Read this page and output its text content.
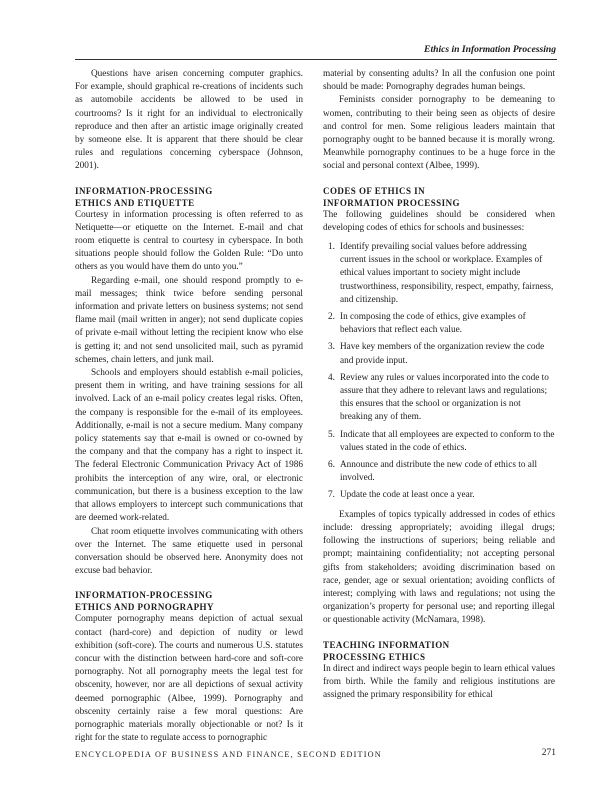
Ethics in Information Processing

Questions have arisen concerning computer graphics. For example, should graphical re-creations of incidents such as automobile accidents be allowed to be used in courtrooms? Is it right for an individual to electronically reproduce and then after an artistic image originally created by someone else. It is apparent that there should be clear rules and regulations concerning cyberspace (Johnson, 2001).

INFORMATION-PROCESSING
ETHICS AND ETIQUETTE

Courtesy in information processing is often referred to as Netiquette—or etiquette on the Internet. E-mail and chat room etiquette is central to courtesy in cyberspace. In both situations people should follow the Golden Rule: “Do unto others as you would have them do unto you.”

Regarding e-mail, one should respond promptly to e-mail messages; think twice before sending personal information and private letters on business systems; not send flame mail (mail written in anger); not send duplicate copies of private e-mail without letting the recipient know who else is getting it; and not send unsolicited mail, such as pyramid schemes, chain letters, and junk mail.

Schools and employers should establish e-mail policies, present them in writing, and have training sessions for all involved. Lack of an e-mail policy creates legal risks. Often, the company is responsible for the e-mail of its employees. Additionally, e-mail is not a secure medium. Many company policy statements say that e-mail is owned or co-owned by the company and that the company has a right to inspect it. The federal Electronic Communication Privacy Act of 1986 prohibits the interception of any wire, oral, or electronic communication, but there is a business exception to the law that allows employers to intercept such communications that are deemed work-related.

Chat room etiquette involves communicating with others over the Internet. The same etiquette used in personal conversation should be observed here. Anonymity does not excuse bad behavior.

INFORMATION-PROCESSING
ETHICS AND PORNOGRAPHY

Computer pornography means depiction of actual sexual contact (hard-core) and depiction of nudity or lewd exhibition (soft-core). The courts and numerous U.S. statutes concur with the distinction between hard-core and soft-core pornography. Not all pornography meets the legal test for obscenity, however, nor are all depictions of sexual activity deemed pornographic (Albee, 1999). Pornography and obscenity certainly raise a few moral questions: Are pornographic materials morally objectionable or not? Is it right for the state to regulate access to pornographic

material by consenting adults? In all the confusion one point should be made: Pornography degrades human beings.

Feminists consider pornography to be demeaning to women, contributing to their being seen as objects of desire and control for men. Some religious leaders maintain that pornography ought to be banned because it is morally wrong. Meanwhile pornography continues to be a huge force in the social and personal context (Albee, 1999).

CODES OF ETHICS IN
INFORMATION PROCESSING

The following guidelines should be considered when developing codes of ethics for schools and businesses:

1. Identify prevailing social values before addressing current issues in the school or workplace. Examples of ethical values important to society might include trustworthiness, responsibility, respect, empathy, fairness, and citizenship.
2. In composing the code of ethics, give examples of behaviors that reflect each value.
3. Have key members of the organization review the code and provide input.
4. Review any rules or values incorporated into the code to assure that they adhere to relevant laws and regulations; this ensures that the school or organization is not breaking any of them.
5. Indicate that all employees are expected to conform to the values stated in the code of ethics.
6. Announce and distribute the new code of ethics to all involved.
7. Update the code at least once a year.

Examples of topics typically addressed in codes of ethics include: dressing appropriately; avoiding illegal drugs; following the instructions of superiors; being reliable and prompt; maintaining confidentiality; not accepting personal gifts from stakeholders; avoiding discrimination based on race, gender, age or sexual orientation; avoiding conflicts of interest; complying with laws and regulations; not using the organization’s property for personal use; and reporting illegal or questionable activity (McNamara, 1998).

TEACHING INFORMATION
PROCESSING ETHICS

In direct and indirect ways people begin to learn ethical values from birth. While the family and religious institutions are assigned the primary responsibility for ethical

ENCYCLOPEDIA OF BUSINESS AND FINANCE, SECOND EDITION	271
